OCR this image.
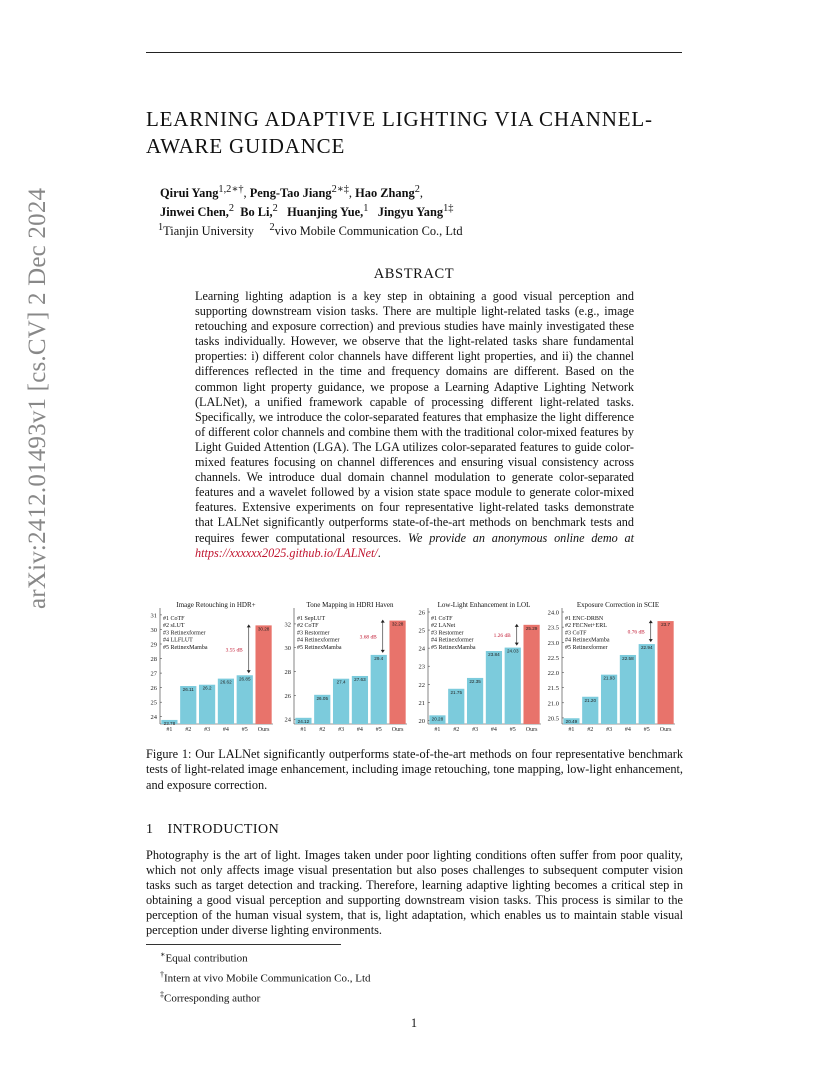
arXiv:2412.01493v1 [cs.CV] 2 Dec 2024
LEARNING ADAPTIVE LIGHTING VIA CHANNEL-
AWARE GUIDANCE
Qirui Yang$^{1,2∗\dagger}$, Peng-Tao Jiang$^{2∗\ddagger}$, Hao Zhang$^2$,
Jinwei Chen,$^2$ Bo Li,$^2$ Huanjing Yue,$^1$ Jingyu Yang$^{1\ddagger}$
$^1$Tianjin University $^2$vivo Mobile Communication Co., Ltd
ABSTRACT
Learning lighting adaption is a key step in obtaining a good visual perception and supporting downstream vision tasks. There are multiple light-related tasks (e.g., image retouching and exposure correction) and previous studies have mainly investigated these tasks individually. However, we observe that the light-related tasks share fundamental properties: i) different color channels have different light properties, and ii) the channel differences reflected in the time and frequency domains are different. Based on the common light property guidance, we propose a Learning Adaptive Lighting Network (LALNet), a unified framework capable of processing different light-related tasks. Specifically, we introduce the color-separated features that emphasize the light difference of different color channels and combine them with the traditional color-mixed features by Light Guided Attention (LGA). The LGA utilizes color-separated features to guide color-mixed features focusing on channel differences and ensuring visual consistency across channels. We introduce dual domain channel modulation to generate color-separated features and a wavelet followed by a vision state space module to generate color-mixed features. Extensive experiments on four representative light-related tasks demonstrate that LALNet significantly outperforms state-of-the-art methods on benchmark tests and requires fewer computational resources. We provide an anonymous online demo at https://xxxxxx2025.github.io/LALNet/.
Image Retouching in HDR+
24
25
26
27
28
29
30
31
23.78
#1
26.11
#2
26.2
#3
26.62
#4
26.85
#5
30.28
Ours
#1 CoTF
#2 sLUT
#3 Retinexformer
#4 LLFLUT
#5 RetinexMamba	3.55 dB
Tone Mapping in HDRI Haven
24
26
28
30
32
24.12
#1
26.05
#2
27.4
#3
27.63
#4
29.4
#5
32.28
Ours
#1 SepLUT
#2 CoTF
#3 Restormer
#4 Retinexformer
#5 RetinexMamba
3.68 dB
Low-Light Enhancement in LOL
20
21
22
23
24
25
26
20.28
#1
21.75
#2
22.35
#3
23.84
#4
24.03
#5
25.29
Ours
#1 CoTF
#2 LANet
#3 Restormer
#4 Retinexformer
#5 RetinexMamba
1.26 dB
Exposure Correction in SCIE
20.5
21.0
21.5
22.0
22.5
23.0
23.5
24.0
20.49
#1
21.20
#2
21.93
#3
22.58
#4
22.94
#5
23.7
Ours
#1 ENC-DRBN
#2 FECNet+ERL
#3 CoTF
#4 RetinexMamba
#5 Retinexformer
0.76 dB
Figure 1: Our LALNet significantly outperforms state-of-the-art methods on four representative benchmark tests of light-related image enhancement, including image retouching, tone mapping, low-light enhancement, and exposure correction.
1 INTRODUCTION
Photography is the art of light. Images taken under poor lighting conditions often suffer from poor quality, which not only affects image visual presentation but also poses challenges to subsequent computer vision tasks such as target detection and tracking. Therefore, learning adaptive lighting becomes a critical step in obtaining a good visual perception and supporting downstream vision tasks. This process is similar to the perception of the human visual system, that is, light adaptation, which enables us to maintain stable visual perception under diverse lighting environments.
∗Equal contribution
†Intern at vivo Mobile Communication Co., Ltd
‡Corresponding author
1
